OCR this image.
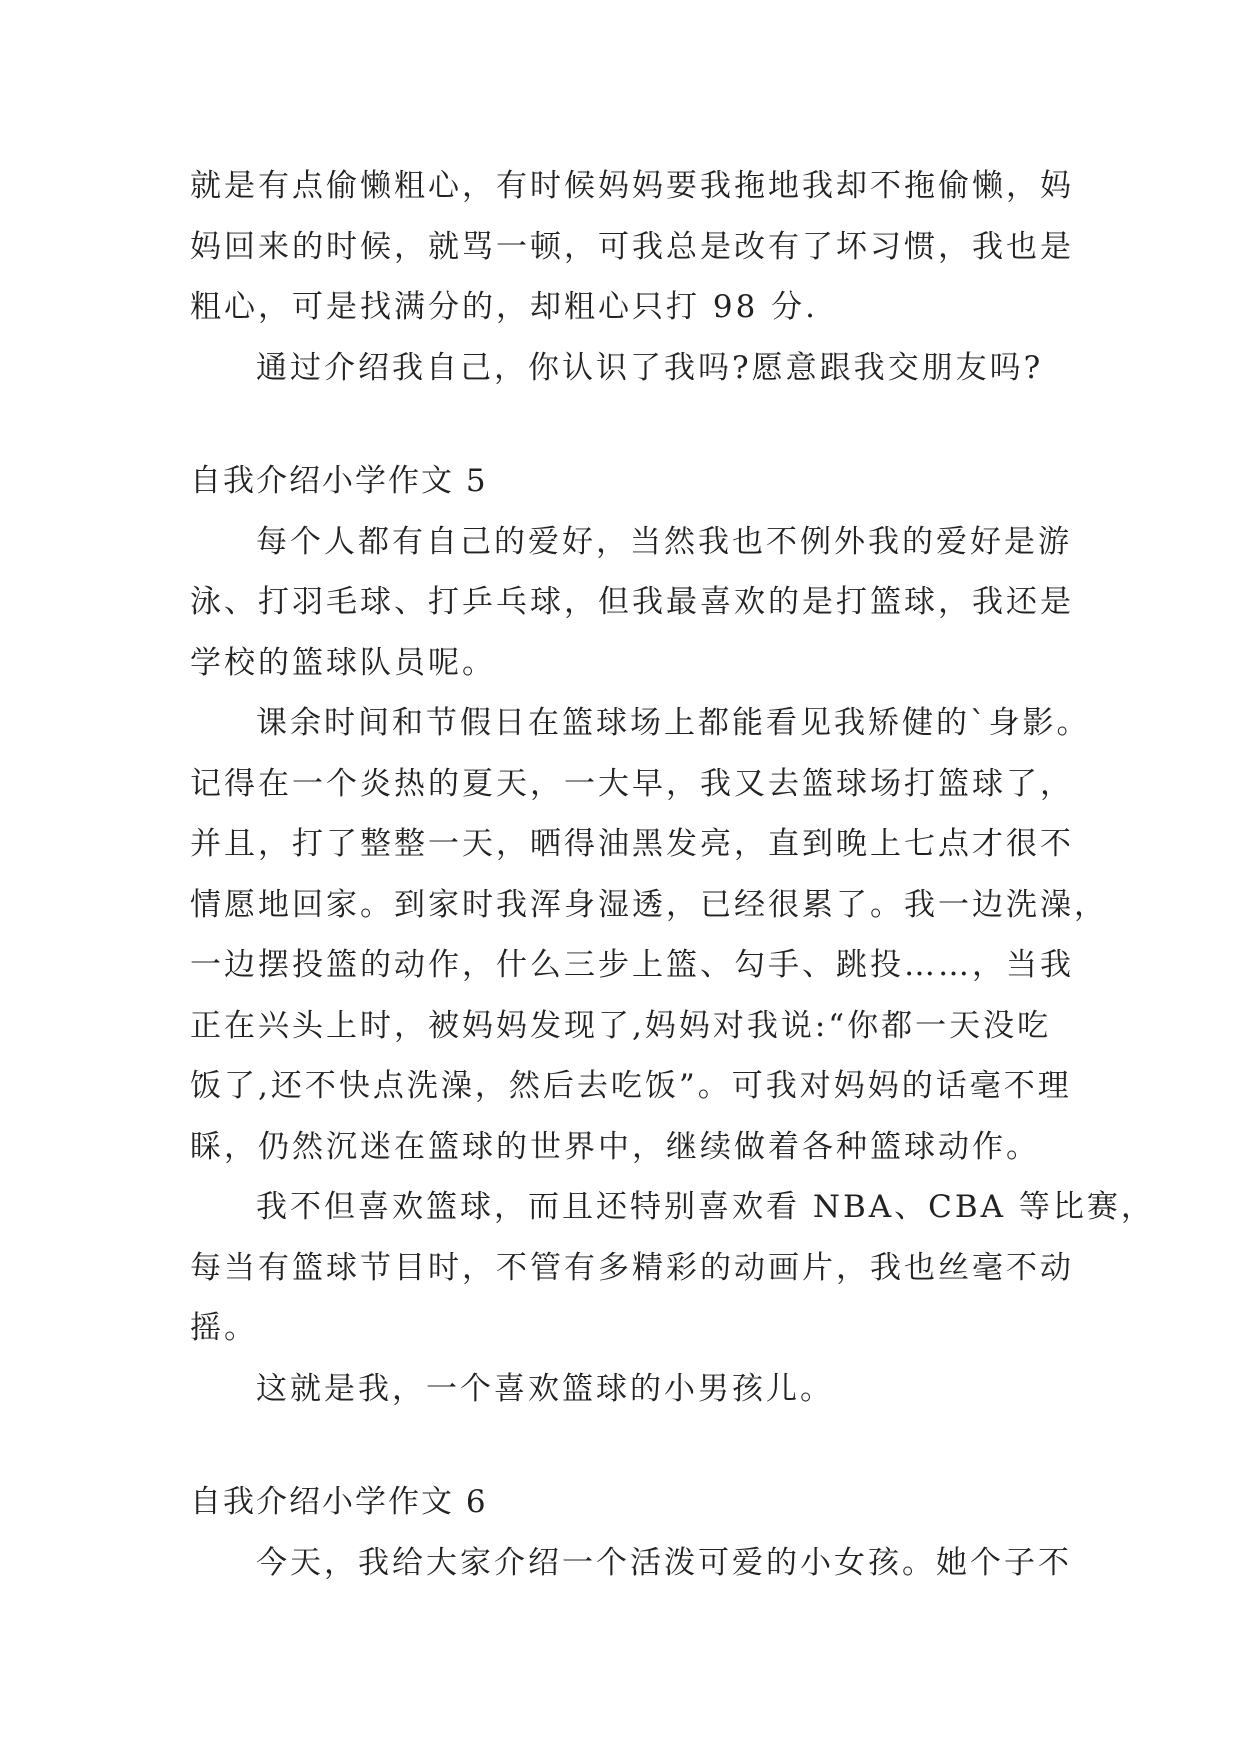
就是有点偷懒粗心，有时候妈妈要我拖地我却不拖偷懒，妈
妈回来的时候，就骂一顿，可我总是改有了坏习惯，我也是
粗心，可是找满分的，却粗心只打 98 分.
通过介绍我自己，你认识了我吗?愿意跟我交朋友吗?
自我介绍小学作文 5
每个人都有自己的爱好，当然我也不例外我的爱好是游
泳、打羽毛球、打乒乓球，但我最喜欢的是打篮球，我还是
学校的篮球队员呢。
课余时间和节假日在篮球场上都能看见我矫健的`身影。
记得在一个炎热的夏天，一大早，我又去篮球场打篮球了，
并且，打了整整一天，晒得油黑发亮，直到晚上七点才很不
情愿地回家。到家时我浑身湿透，已经很累了。我一边洗澡，
一边摆投篮的动作，什么三步上篮、勾手、跳投……，当我
正在兴头上时，被妈妈发现了,妈妈对我说:“你都一天没吃
饭了,还不快点洗澡，然后去吃饭”。可我对妈妈的话毫不理
睬，仍然沉迷在篮球的世界中，继续做着各种篮球动作。
我不但喜欢篮球，而且还特别喜欢看 NBA、CBA 等比赛，
每当有篮球节目时，不管有多精彩的动画片，我也丝毫不动
摇。
这就是我，一个喜欢篮球的小男孩儿。
自我介绍小学作文 6
今天，我给大家介绍一个活泼可爱的小女孩。她个子不
